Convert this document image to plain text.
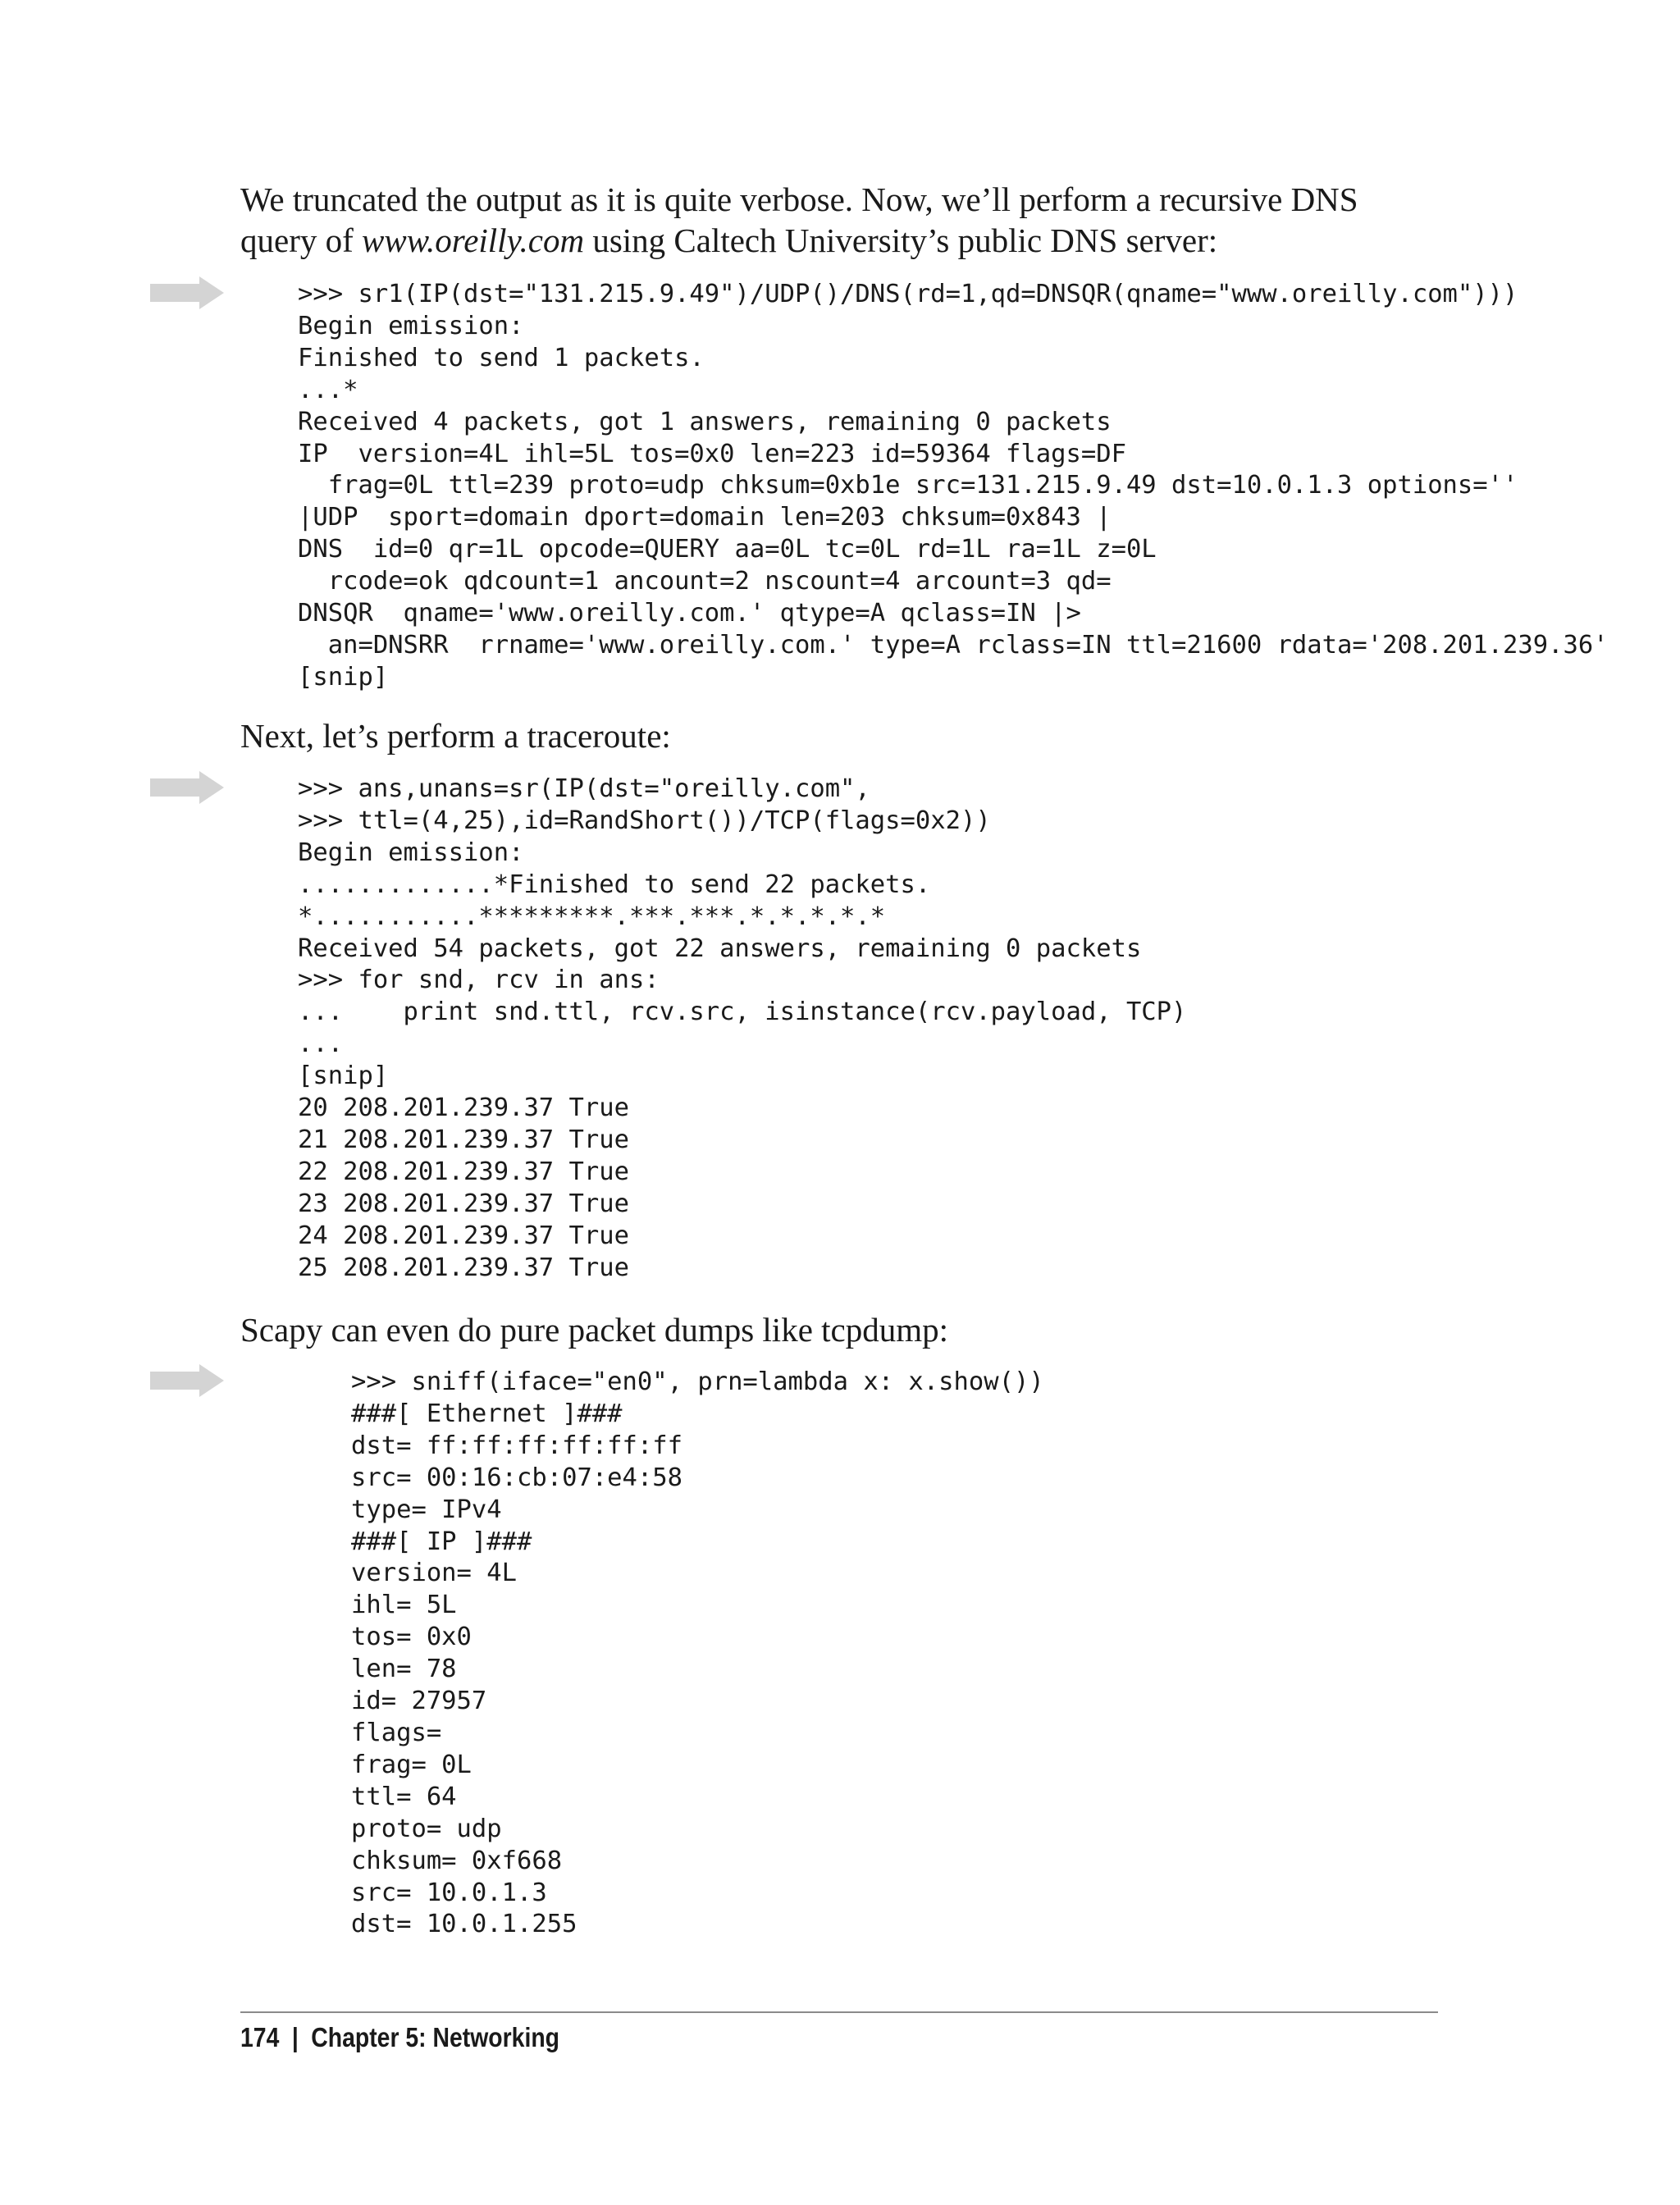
We truncated the output as it is quite verbose. Now, we’ll perform a recursive DNS query of www.oreilly.com using Caltech University’s public DNS server:

>>> sr1(IP(dst="131.215.9.49")/UDP()/DNS(rd=1,qd=DNSQR(qname="www.oreilly.com")))
Begin emission:
Finished to send 1 packets.
...*
Received 4 packets, got 1 answers, remaining 0 packets
IP  version=4L ihl=5L tos=0x0 len=223 id=59364 flags=DF
frag=0L ttl=239 proto=udp chksum=0xb1e src=131.215.9.49 dst=10.0.1.3 options=''
|UDP  sport=domain dport=domain len=203 chksum=0x843 |
DNS  id=0 qr=1L opcode=QUERY aa=0L tc=0L rd=1L ra=1L z=0L
rcode=ok qdcount=1 ancount=2 nscount=4 arcount=3 qd=
DNSQR  qname='www.oreilly.com.' qtype=A qclass=IN |>
an=DNSRR  rrname='www.oreilly.com.' type=A rclass=IN ttl=21600 rdata='208.201.239.36'
[snip]

Next, let’s perform a traceroute:

>>> ans,unans=sr(IP(dst="oreilly.com",
>>> ttl=(4,25),id=RandShort())/TCP(flags=0x2))
Begin emission:
.............*Finished to send 22 packets.
*...........*********.***.***.*.*.*.*.*
Received 54 packets, got 22 answers, remaining 0 packets
>>> for snd, rcv in ans:
...    print snd.ttl, rcv.src, isinstance(rcv.payload, TCP)
...
[snip]
20 208.201.239.37 True
21 208.201.239.37 True
22 208.201.239.37 True
23 208.201.239.37 True
24 208.201.239.37 True
25 208.201.239.37 True

Scapy can even do pure packet dumps like tcpdump:

>>> sniff(iface="en0", prn=lambda x: x.show())
###[ Ethernet ]###
dst= ff:ff:ff:ff:ff:ff
src= 00:16:cb:07:e4:58
type= IPv4
###[ IP ]###
version= 4L
ihl= 5L
tos= 0x0
len= 78
id= 27957
flags=
frag= 0L
ttl= 64
proto= udp
chksum= 0xf668
src= 10.0.1.3
dst= 10.0.1.255
174 | Chapter 5: Networking
